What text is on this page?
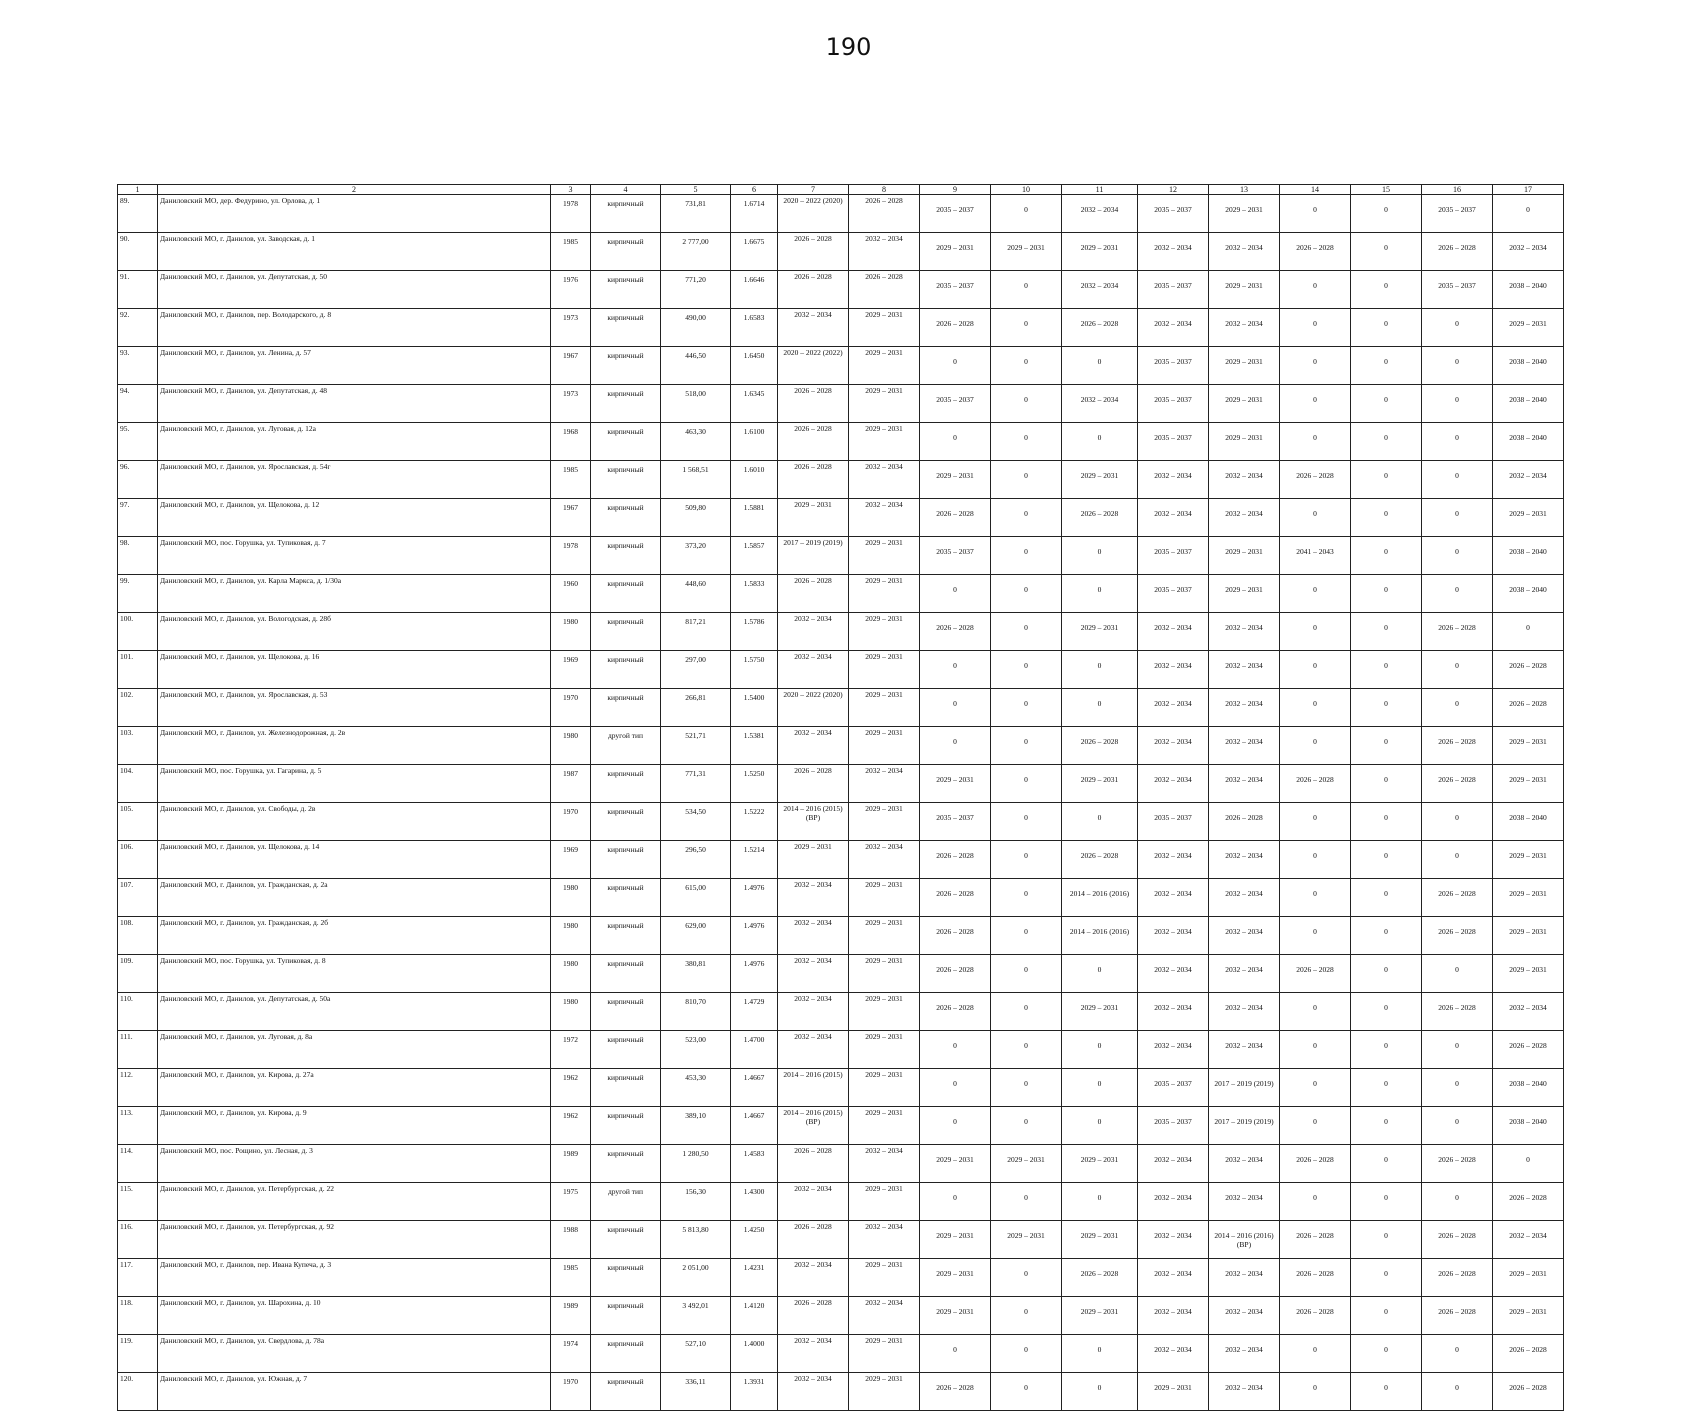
190
1	2	3	4	5	6	7	8	9	10	11	12	13	14	15	16	17
89.	Даниловский МО, дер. Федурино, ул. Орлова, д. 1	1978	кирпичный	731,81	1.6714	2020 – 2022 (2020)	2026 – 2028	2035 – 2037	0	2032 – 2034	2035 – 2037	2029 – 2031	0	0	2035 – 2037	0
90.	Даниловский МО, г. Данилов, ул. Заводская, д. 1	1985	кирпичный	2 777,00	1.6675	2026 – 2028	2032 – 2034	2029 – 2031	2029 – 2031	2029 – 2031	2032 – 2034	2032 – 2034	2026 – 2028	0	2026 – 2028	2032 – 2034
91.	Даниловский МО, г. Данилов, ул. Депутатская, д. 50	1976	кирпичный	771,20	1.6646	2026 – 2028	2026 – 2028	2035 – 2037	0	2032 – 2034	2035 – 2037	2029 – 2031	0	0	2035 – 2037	2038 – 2040
92.	Даниловский МО, г. Данилов, пер. Володарского, д. 8	1973	кирпичный	490,00	1.6583	2032 – 2034	2029 – 2031	2026 – 2028	0	2026 – 2028	2032 – 2034	2032 – 2034	0	0	0	2029 – 2031
93.	Даниловский МО, г. Данилов, ул. Ленина, д. 57	1967	кирпичный	446,50	1.6450	2020 – 2022 (2022)	2029 – 2031	0	0	0	2035 – 2037	2029 – 2031	0	0	0	2038 – 2040
94.	Даниловский МО, г. Данилов, ул. Депутатская, д. 48	1973	кирпичный	518,00	1.6345	2026 – 2028	2029 – 2031	2035 – 2037	0	2032 – 2034	2035 – 2037	2029 – 2031	0	0	0	2038 – 2040
95.	Даниловский МО, г. Данилов, ул. Луговая, д. 12а	1968	кирпичный	463,30	1.6100	2026 – 2028	2029 – 2031	0	0	0	2035 – 2037	2029 – 2031	0	0	0	2038 – 2040
96.	Даниловский МО, г. Данилов, ул. Ярославская, д. 54г	1985	кирпичный	1 568,51	1.6010	2026 – 2028	2032 – 2034	2029 – 2031	0	2029 – 2031	2032 – 2034	2032 – 2034	2026 – 2028	0	0	2032 – 2034
97.	Даниловский МО, г. Данилов, ул. Щелокова, д. 12	1967	кирпичный	509,80	1.5881	2029 – 2031	2032 – 2034	2026 – 2028	0	2026 – 2028	2032 – 2034	2032 – 2034	0	0	0	2029 – 2031
98.	Даниловский МО, пос. Горушка, ул. Тупиковая, д. 7	1978	кирпичный	373,20	1.5857	2017 – 2019 (2019)	2029 – 2031	2035 – 2037	0	0	2035 – 2037	2029 – 2031	2041 – 2043	0	0	2038 – 2040
99.	Даниловский МО, г. Данилов, ул. Карла Маркса, д. 1/30а	1960	кирпичный	448,60	1.5833	2026 – 2028	2029 – 2031	0	0	0	2035 – 2037	2029 – 2031	0	0	0	2038 – 2040
100.	Даниловский МО, г. Данилов, ул. Вологодская, д. 28б	1980	кирпичный	817,21	1.5786	2032 – 2034	2029 – 2031	2026 – 2028	0	2029 – 2031	2032 – 2034	2032 – 2034	0	0	2026 – 2028	0
101.	Даниловский МО, г. Данилов, ул. Щелокова, д. 16	1969	кирпичный	297,00	1.5750	2032 – 2034	2029 – 2031	0	0	0	2032 – 2034	2032 – 2034	0	0	0	2026 – 2028
102.	Даниловский МО, г. Данилов, ул. Ярославская, д. 53	1970	кирпичный	266,81	1.5400	2020 – 2022 (2020)	2029 – 2031	0	0	0	2032 – 2034	2032 – 2034	0	0	0	2026 – 2028
103.	Даниловский МО, г. Данилов, ул. Железнодорожная, д. 2в	1980	другой тип	521,71	1.5381	2032 – 2034	2029 – 2031	0	0	2026 – 2028	2032 – 2034	2032 – 2034	0	0	2026 – 2028	2029 – 2031
104.	Даниловский МО, пос. Горушка, ул. Гагарина, д. 5	1987	кирпичный	771,31	1.5250	2026 – 2028	2032 – 2034	2029 – 2031	0	2029 – 2031	2032 – 2034	2032 – 2034	2026 – 2028	0	2026 – 2028	2029 – 2031
105.	Даниловский МО, г. Данилов, ул. Свободы, д. 2в	1970	кирпичный	534,50	1.5222	2014 – 2016 (2015) (ВР)	2029 – 2031	2035 – 2037	0	0	2035 – 2037	2026 – 2028	0	0	0	2038 – 2040
106.	Даниловский МО, г. Данилов, ул. Щелокова, д. 14	1969	кирпичный	296,50	1.5214	2029 – 2031	2032 – 2034	2026 – 2028	0	2026 – 2028	2032 – 2034	2032 – 2034	0	0	0	2029 – 2031
107.	Даниловский МО, г. Данилов, ул. Гражданская, д. 2а	1980	кирпичный	615,00	1.4976	2032 – 2034	2029 – 2031	2026 – 2028	0	2014 – 2016 (2016)	2032 – 2034	2032 – 2034	0	0	2026 – 2028	2029 – 2031
108.	Даниловский МО, г. Данилов, ул. Гражданская, д. 2б	1980	кирпичный	629,00	1.4976	2032 – 2034	2029 – 2031	2026 – 2028	0	2014 – 2016 (2016)	2032 – 2034	2032 – 2034	0	0	2026 – 2028	2029 – 2031
109.	Даниловский МО, пос. Горушка, ул. Тупиковая, д. 8	1980	кирпичный	380,81	1.4976	2032 – 2034	2029 – 2031	2026 – 2028	0	0	2032 – 2034	2032 – 2034	2026 – 2028	0	0	2029 – 2031
110.	Даниловский МО, г. Данилов, ул. Депутатская, д. 50а	1980	кирпичный	810,70	1.4729	2032 – 2034	2029 – 2031	2026 – 2028	0	2029 – 2031	2032 – 2034	2032 – 2034	0	0	2026 – 2028	2032 – 2034
111.	Даниловский МО, г. Данилов, ул. Луговая, д. 8а	1972	кирпичный	523,00	1.4700	2032 – 2034	2029 – 2031	0	0	0	2032 – 2034	2032 – 2034	0	0	0	2026 – 2028
112.	Даниловский МО, г. Данилов, ул. Кирова, д. 27а	1962	кирпичный	453,30	1.4667	2014 – 2016 (2015)	2029 – 2031	0	0	0	2035 – 2037	2017 – 2019 (2019)	0	0	0	2038 – 2040
113.	Даниловский МО, г. Данилов, ул. Кирова, д. 9	1962	кирпичный	389,10	1.4667	2014 – 2016 (2015) (ВР)	2029 – 2031	0	0	0	2035 – 2037	2017 – 2019 (2019)	0	0	0	2038 – 2040
114.	Даниловский МО, пос. Рощино, ул. Лесная, д. 3	1989	кирпичный	1 280,50	1.4583	2026 – 2028	2032 – 2034	2029 – 2031	2029 – 2031	2029 – 2031	2032 – 2034	2032 – 2034	2026 – 2028	0	2026 – 2028	0
115.	Даниловский МО, г. Данилов, ул. Петербургская, д. 22	1975	другой тип	156,30	1.4300	2032 – 2034	2029 – 2031	0	0	0	2032 – 2034	2032 – 2034	0	0	0	2026 – 2028
116.	Даниловский МО, г. Данилов, ул. Петербургская, д. 92	1988	кирпичный	5 813,80	1.4250	2026 – 2028	2032 – 2034	2029 – 2031	2029 – 2031	2029 – 2031	2032 – 2034	2014 – 2016 (2016) (ВР)	2026 – 2028	0	2026 – 2028	2032 – 2034
117.	Даниловский МО, г. Данилов, пер. Ивана Купеча, д. 3	1985	кирпичный	2 051,00	1.4231	2032 – 2034	2029 – 2031	2029 – 2031	0	2026 – 2028	2032 – 2034	2032 – 2034	2026 – 2028	0	2026 – 2028	2029 – 2031
118.	Даниловский МО, г. Данилов, ул. Шарохина, д. 10	1989	кирпичный	3 492,01	1.4120	2026 – 2028	2032 – 2034	2029 – 2031	0	2029 – 2031	2032 – 2034	2032 – 2034	2026 – 2028	0	2026 – 2028	2029 – 2031
119.	Даниловский МО, г. Данилов, ул. Свердлова, д. 78а	1974	кирпичный	527,10	1.4000	2032 – 2034	2029 – 2031	0	0	0	2032 – 2034	2032 – 2034	0	0	0	2026 – 2028
120.	Даниловский МО, г. Данилов, ул. Южная, д. 7	1970	кирпичный	336,11	1.3931	2032 – 2034	2029 – 2031	2026 – 2028	0	0	2029 – 2031	2032 – 2034	0	0	0	2026 – 2028
